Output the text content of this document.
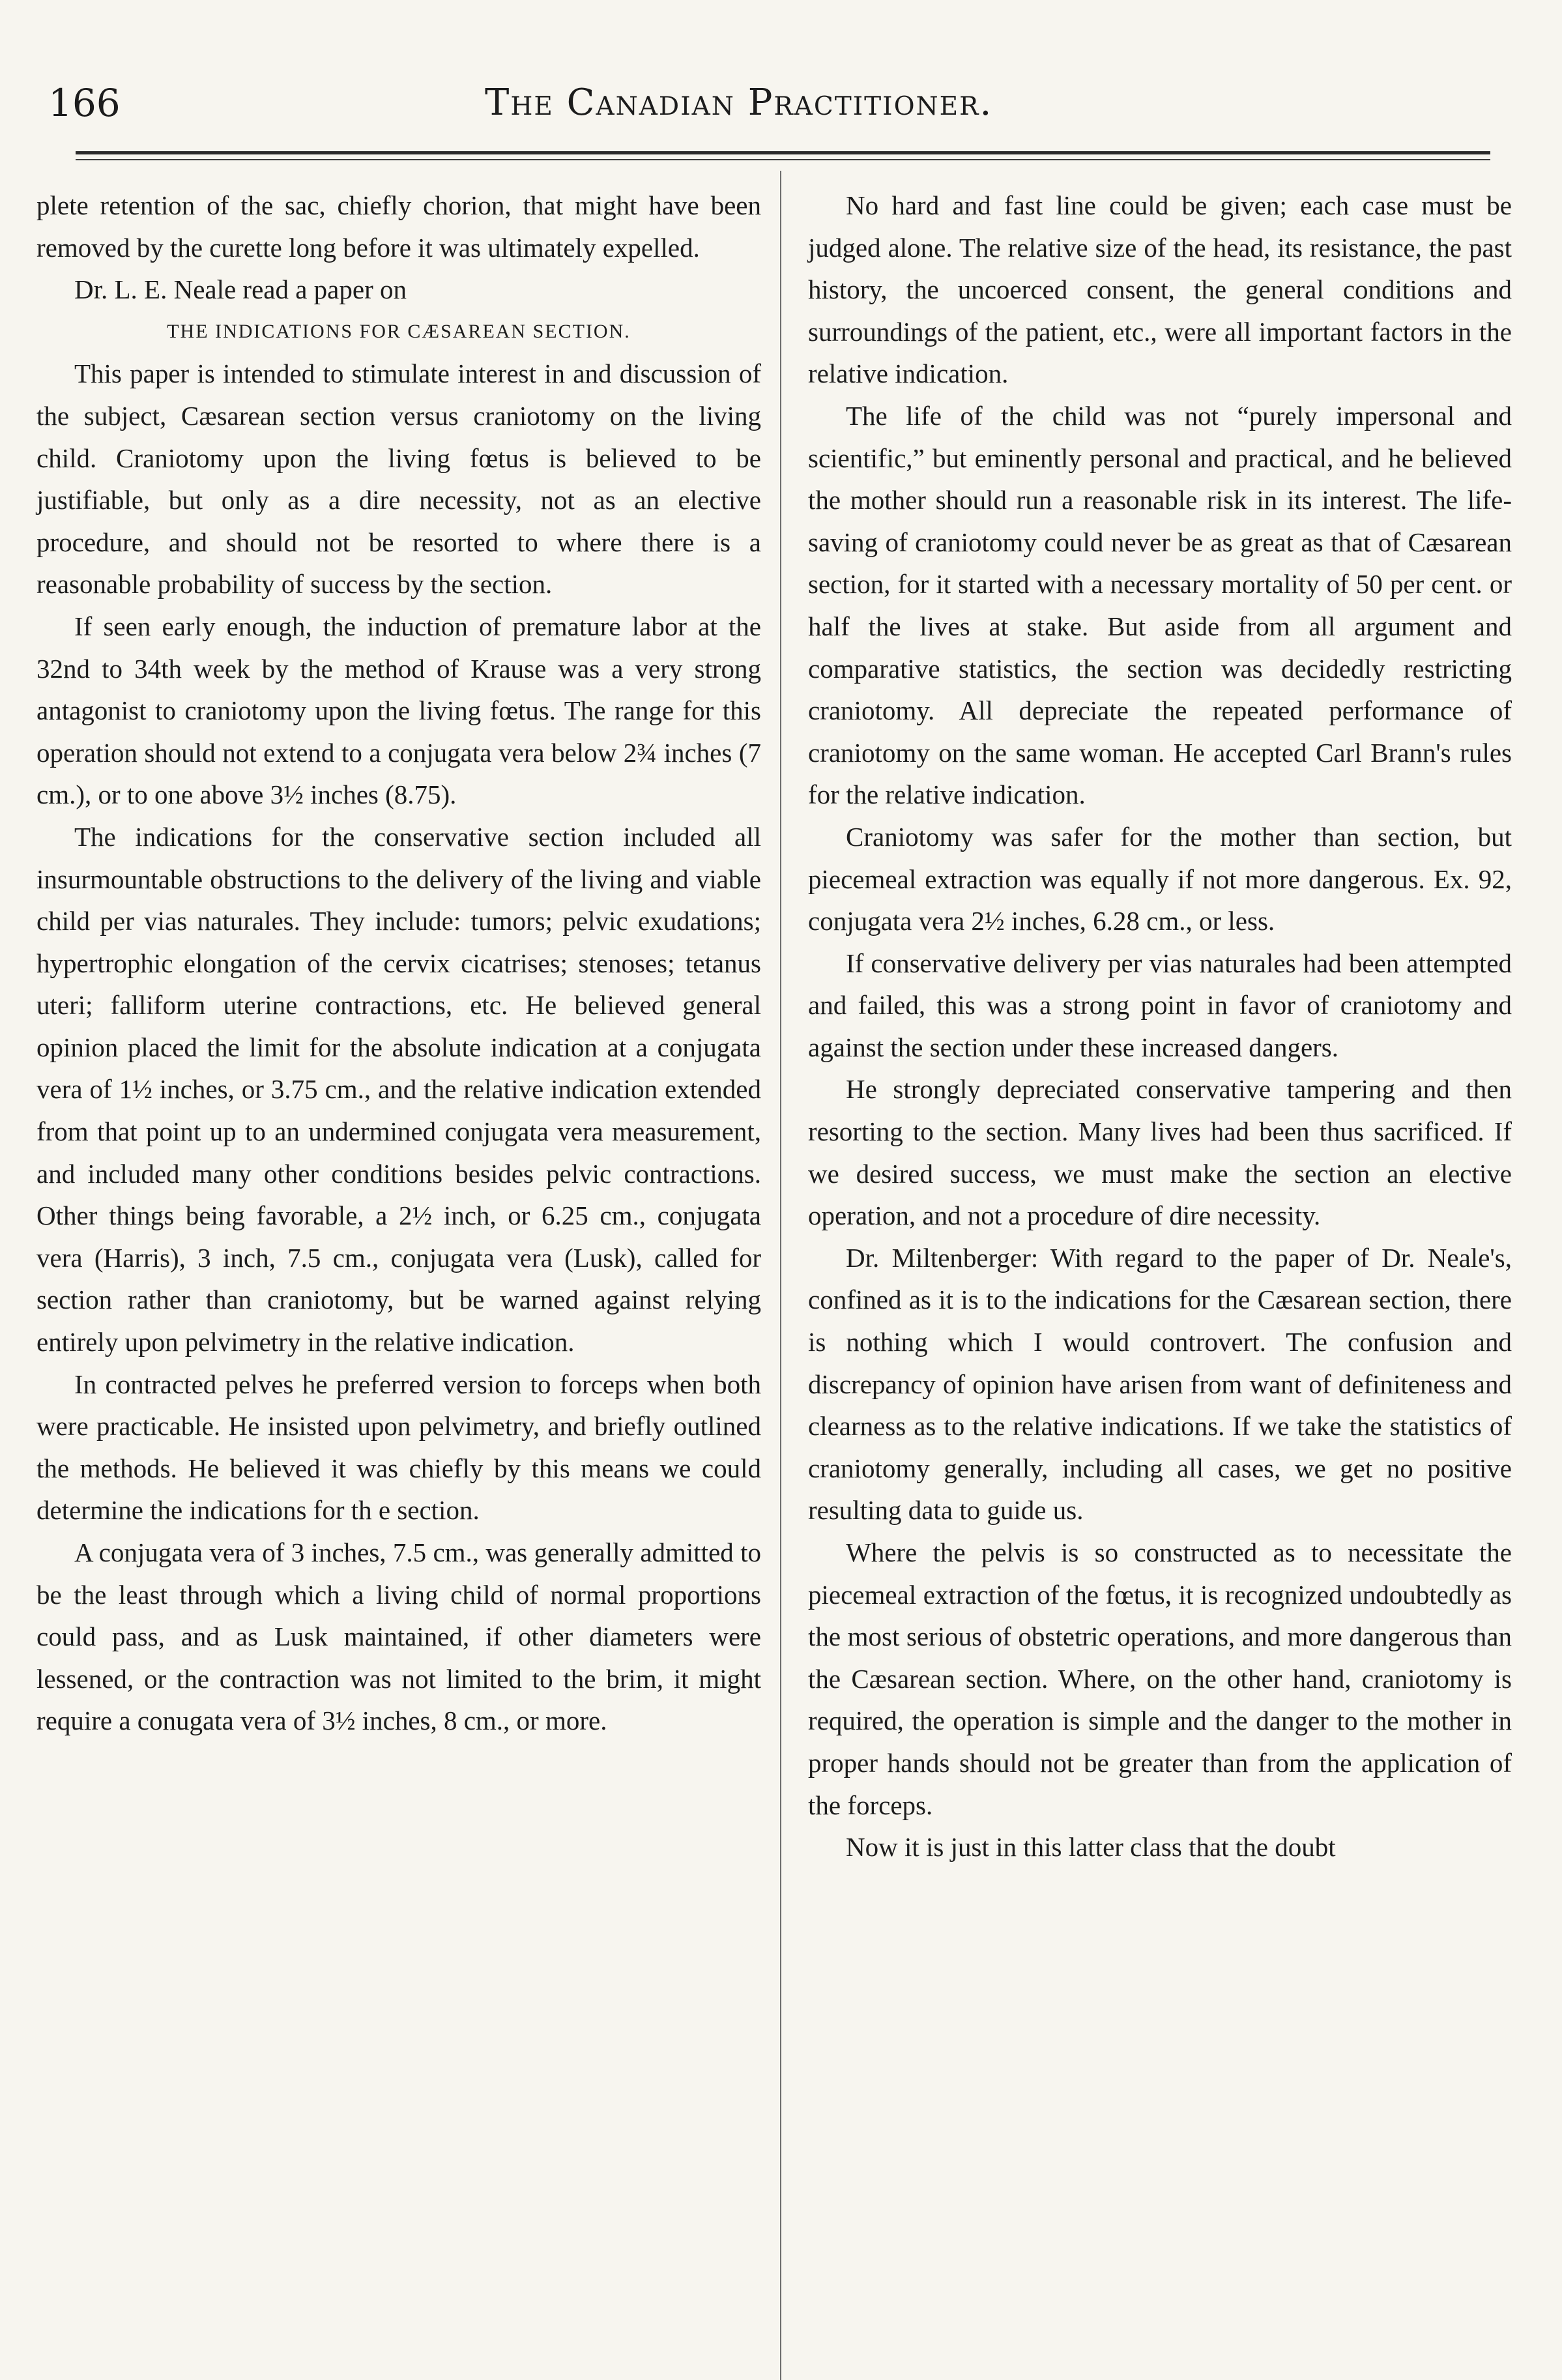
166	The Canadian Practitioner.

plete retention of the sac, chiefly chorion, that might have been removed by the curette long before it was ultimately expelled.

Dr. L. E. Neale read a paper on

THE INDICATIONS FOR CÆSAREAN SECTION.

This paper is intended to stimulate interest in and discussion of the subject, Cæsarean section versus craniotomy on the living child. Craniotomy upon the living fœtus is believed to be justifiable, but only as a dire necessity, not as an elective procedure, and should not be resorted to where there is a reasonable probability of success by the section.

If seen early enough, the induction of premature labor at the 32nd to 34th week by the method of Krause was a very strong antagonist to craniotomy upon the living fœtus. The range for this operation should not extend to a conjugata vera below 2¾ inches (7 cm.), or to one above 3½ inches (8.75).

The indications for the conservative section included all insurmountable obstructions to the delivery of the living and viable child per vias naturales. They include: tumors; pelvic exudations; hypertrophic elongation of the cervix cicatrises; stenoses; tetanus uteri; falliform uterine contractions, etc. He believed general opinion placed the limit for the absolute indication at a conjugata vera of 1½ inches, or 3.75 cm., and the relative indication extended from that point up to an undermined conjugata vera measurement, and included many other conditions besides pelvic contractions. Other things being favorable, a 2½ inch, or 6.25 cm., conjugata vera (Harris), 3 inch, 7.5 cm., conjugata vera (Lusk), called for section rather than craniotomy, but be warned against relying entirely upon pelvimetry in the relative indication.

In contracted pelves he preferred version to forceps when both were practicable. He insisted upon pelvimetry, and briefly outlined the methods. He believed it was chiefly by this means we could determine the indications for th e section.

A conjugata vera of 3 inches, 7.5 cm., was generally admitted to be the least through which a living child of normal proportions could pass, and as Lusk maintained, if other diameters were lessened, or the contraction was not limited to the brim, it might require a conugata vera of 3½ inches, 8 cm., or more.

No hard and fast line could be given; each case must be judged alone. The relative size of the head, its resistance, the past history, the uncoerced consent, the general conditions and surroundings of the patient, etc., were all important factors in the relative indication.

The life of the child was not “purely impersonal and scientific,” but eminently personal and practical, and he believed the mother should run a reasonable risk in its interest. The life-saving of craniotomy could never be as great as that of Cæsarean section, for it started with a necessary mortality of 50 per cent. or half the lives at stake. But aside from all argument and comparative statistics, the section was decidedly restricting craniotomy. All depreciate the repeated performance of craniotomy on the same woman. He accepted Carl Brann's rules for the relative indication.

Craniotomy was safer for the mother than section, but piecemeal extraction was equally if not more dangerous. Ex. 92, conjugata vera 2½ inches, 6.28 cm., or less.

If conservative delivery per vias naturales had been attempted and failed, this was a strong point in favor of craniotomy and against the section under these increased dangers.

He strongly depreciated conservative tampering and then resorting to the section. Many lives had been thus sacrificed. If we desired success, we must make the section an elective operation, and not a procedure of dire necessity.

Dr. Miltenberger: With regard to the paper of Dr. Neale's, confined as it is to the indications for the Cæsarean section, there is nothing which I would controvert. The confusion and discrepancy of opinion have arisen from want of definiteness and clearness as to the relative indications. If we take the statistics of craniotomy generally, including all cases, we get no positive resulting data to guide us.

Where the pelvis is so constructed as to necessitate the piecemeal extraction of the fœtus, it is recognized undoubtedly as the most serious of obstetric operations, and more dangerous than the Cæsarean section. Where, on the other hand, craniotomy is required, the operation is simple and the danger to the mother in proper hands should not be greater than from the application of the forceps.

Now it is just in this latter class that the doubt
